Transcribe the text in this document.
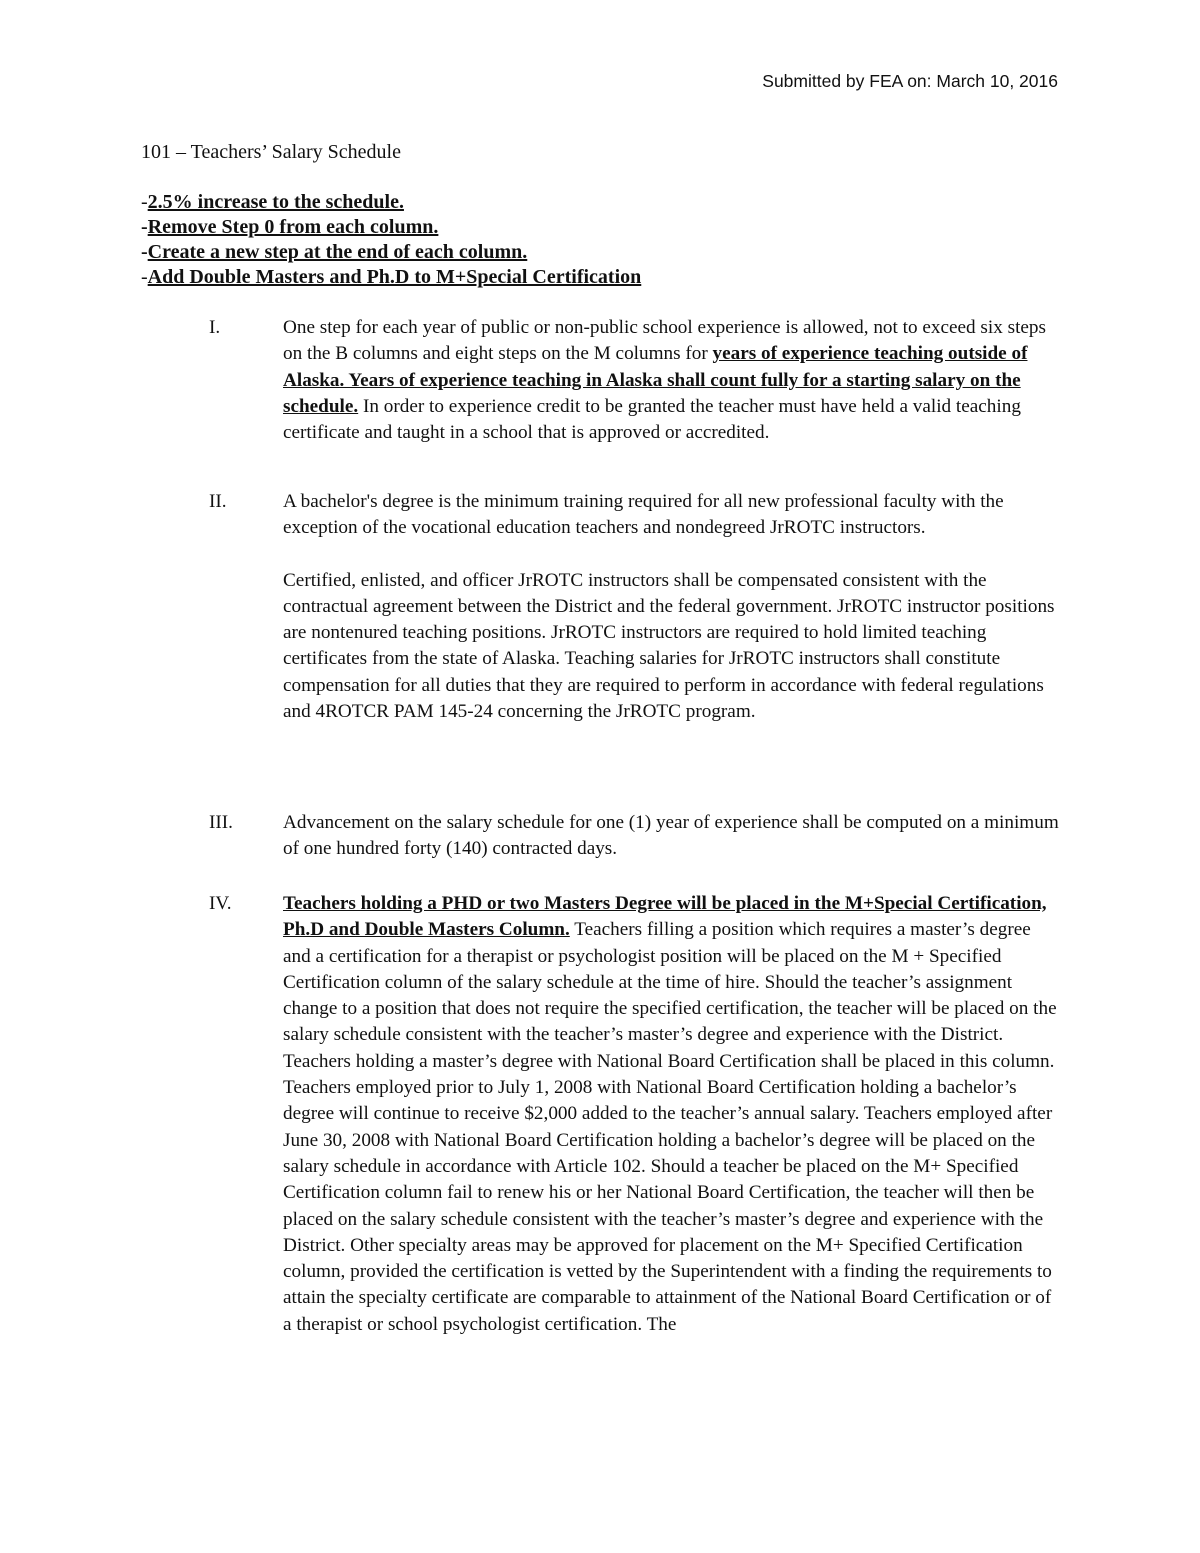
Submitted by FEA on: March 10, 2016
101 – Teachers’ Salary Schedule
-2.5% increase to the schedule.
-Remove Step 0 from each column.
-Create a new step at the end of each column.
-Add Double Masters and Ph.D to M+Special Certification
I.	One step for each year of public or non-public school experience is allowed, not to exceed six steps on the B columns and eight steps on the M columns for years of experience teaching outside of Alaska. Years of experience teaching in Alaska shall count fully for a starting salary on the schedule. In order to experience credit to be granted the teacher must have held a valid teaching certificate and taught in a school that is approved or accredited.
II.	A bachelor's degree is the minimum training required for all new professional faculty with the exception of the vocational education teachers and nondegreed JrROTC instructors.
Certified, enlisted, and officer JrROTC instructors shall be compensated consistent with the contractual agreement between the District and the federal government. JrROTC instructor positions are nontenured teaching positions. JrROTC instructors are required to hold limited teaching certificates from the state of Alaska. Teaching salaries for JrROTC instructors shall constitute compensation for all duties that they are required to perform in accordance with federal regulations and 4ROTCR PAM 145-24 concerning the JrROTC program.
III.	Advancement on the salary schedule for one (1) year of experience shall be computed on a minimum of one hundred forty (140) contracted days.
IV.	Teachers holding a PHD or two Masters Degree will be placed in the M+Special Certification, Ph.D and Double Masters Column. Teachers filling a position which requires a master’s degree and a certification for a therapist or psychologist position will be placed on the M + Specified Certification column of the salary schedule at the time of hire. Should the teacher’s assignment change to a position that does not require the specified certification, the teacher will be placed on the salary schedule consistent with the teacher’s master’s degree and experience with the District. Teachers holding a master’s degree with National Board Certification shall be placed in this column. Teachers employed prior to July 1, 2008 with National Board Certification holding a bachelor’s degree will continue to receive $2,000 added to the teacher’s annual salary. Teachers employed after June 30, 2008 with National Board Certification holding a bachelor’s degree will be placed on the salary schedule in accordance with Article 102. Should a teacher be placed on the M+ Specified Certification column fail to renew his or her National Board Certification, the teacher will then be placed on the salary schedule consistent with the teacher’s master’s degree and experience with the District. Other specialty areas may be approved for placement on the M+ Specified Certification column, provided the certification is vetted by the Superintendent with a finding the requirements to attain the specialty certificate are comparable to attainment of the National Board Certification or of a therapist or school psychologist certification. The
